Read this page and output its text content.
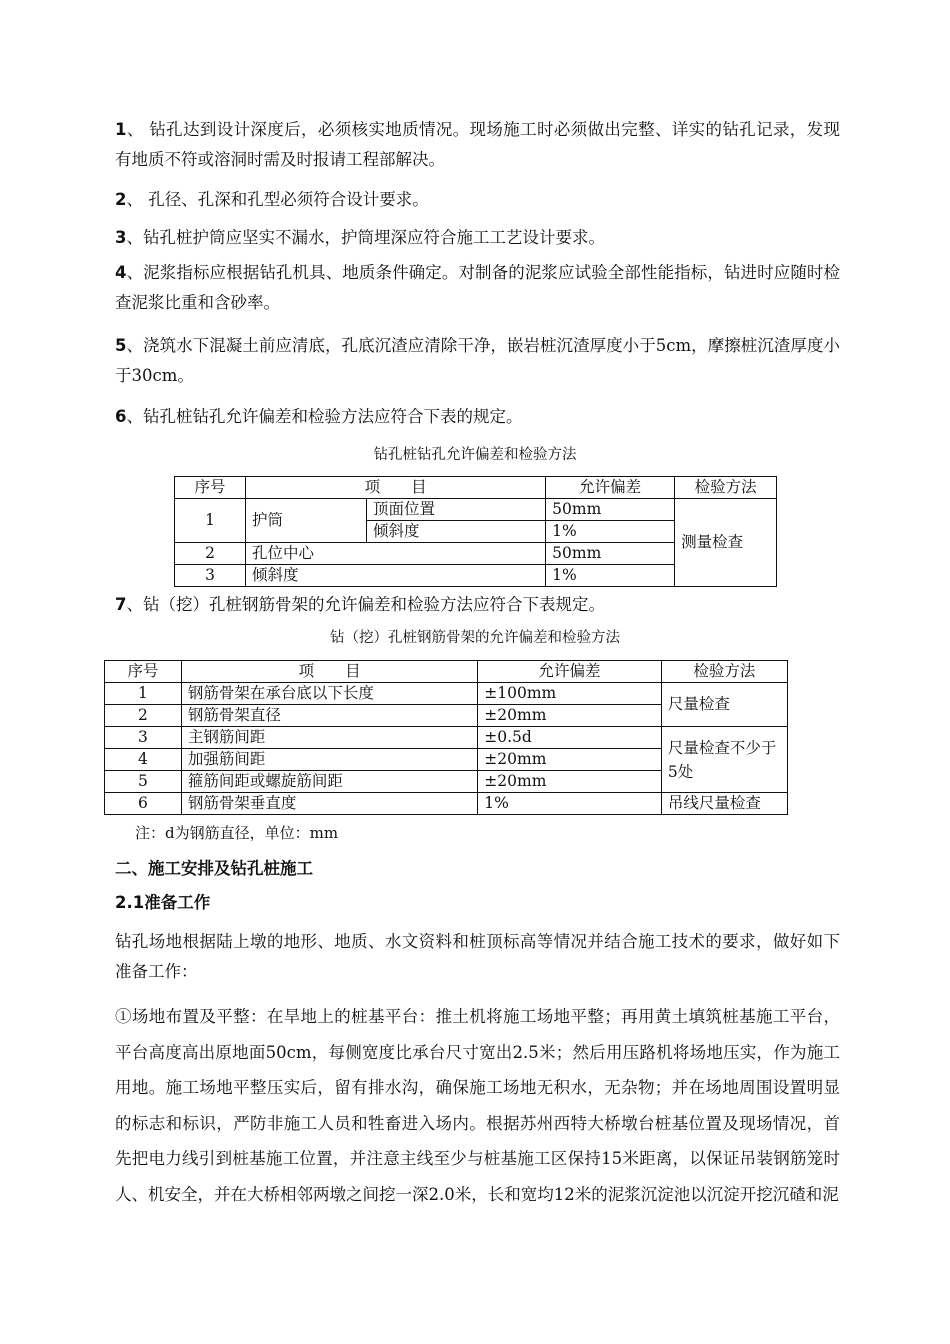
1、 钻孔达到设计深度后，必须核实地质情况。现场施工时必须做出完整、详实的钻孔记录，发现有地质不符或溶洞时需及时报请工程部解决。

2、 孔径、孔深和孔型必须符合设计要求。

3、钻孔桩护筒应坚实不漏水，护筒埋深应符合施工工艺设计要求。

4、泥浆指标应根据钻孔机具、地质条件确定。对制备的泥浆应试验全部性能指标，钻进时应随时检查泥浆比重和含砂率。

5、浇筑水下混凝土前应清底，孔底沉渣应清除干净，嵌岩桩沉渣厚度小于5cm，摩擦桩沉渣厚度小于30cm。

6、钻孔桩钻孔允许偏差和检验方法应符合下表的规定。

钻孔桩钻孔允许偏差和检验方法

序号	项　　目		允许偏差	检验方法
1	护筒	顶面位置	50mm	测量检查
		倾斜度	1%	
2	孔位中心		50mm	
3	倾斜度		1%	

7、钻（挖）孔桩钢筋骨架的允许偏差和检验方法应符合下表规定。

钻（挖）孔桩钢筋骨架的允许偏差和检验方法

序号	项　　目	允许偏差	检验方法
1	钢筋骨架在承台底以下长度	±100mm	尺量检查
2	钢筋骨架直径	±20mm	
3	主钢筋间距	±0.5d	尺量检查不少于5处
4	加强筋间距	±20mm	
5	箍筋间距或螺旋筋间距	±20mm	
6	钢筋骨架垂直度	1%	吊线尺量检查

注：d为钢筋直径，单位：mm

二、施工安排及钻孔桩施工

2.1准备工作

钻孔场地根据陆上墩的地形、地质、水文资料和桩顶标高等情况并结合施工技术的要求，做好如下准备工作：

①场地布置及平整：在旱地上的桩基平台：推土机将施工场地平整；再用黄土填筑桩基施工平台，平台高度高出原地面50cm，每侧宽度比承台尺寸宽出2.5米；然后用压路机将场地压实，作为施工用地。施工场地平整压实后，留有排水沟，确保施工场地无积水，无杂物；并在场地周围设置明显的标志和标识，严防非施工人员和牲畜进入场内。根据苏州西特大桥墩台桩基位置及现场情况，首先把电力线引到桩基施工位置，并注意主线至少与桩基施工区保持15米距离，以保证吊装钢筋笼时人、机安全，并在大桥相邻两墩之间挖一深2.0米，长和宽均12米的泥浆沉淀池以沉淀开挖沉碴和泥
